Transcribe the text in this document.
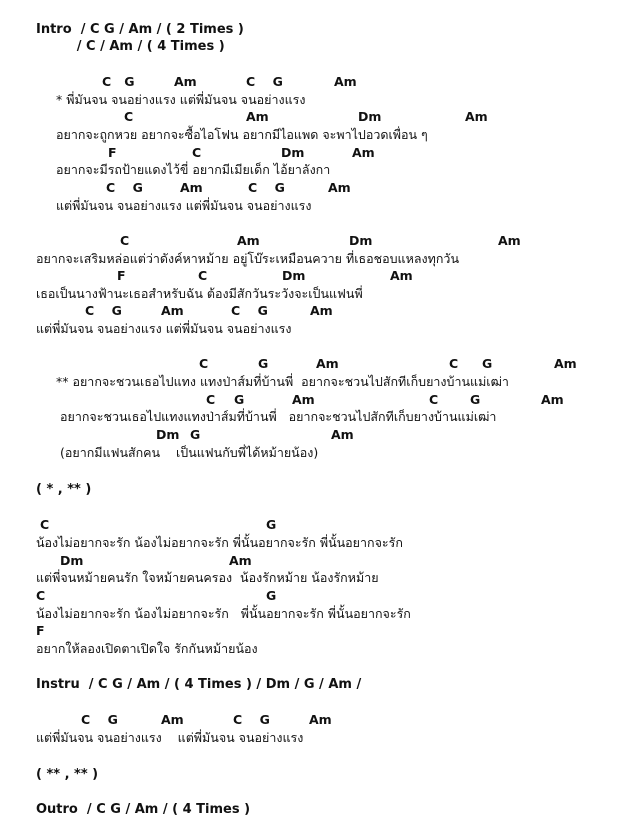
Intro  / C G / Am / ( 2 Times )
/ C / Am / ( 4 Times )
C   G	Am	C    G	Am
* พี่มันจน จนอย่างแรง แต่พี่มันจน จนอย่างแรง
C	Am	Dm	Am
อยากจะถูกหวย อยากจะซื้อไอโฟน อยากมีไอแพด จะพาไปอวดเพื่อน ๆ
F	C	Dm	Am
อยากจะมีรถป้ายแดงไว้ขี่ อยากมีเมียเด็ก ไอ้ยาลังกา
C    G	Am	C    G	Am
แต่พี่มันจน จนอย่างแรง แต่พี่มันจน จนอย่างแรง
C	Am	Dm	Am
อยากจะเสริมหล่อแต่ว่าดังค์หาหม้าย อยู่โบ๊ระเหมือนควาย ที่เธอชอบแหลงทุกวัน
F	C	Dm	Am
เธอเป็นนางฟ้านะเธอสำหรับฉัน ต้องมีสักวันระวังจะเป็นแฟนพี่
C    G	Am	C    G	Am
แต่พี่มันจน จนอย่างแรง แต่พี่มันจน จนอย่างแรง
C	G	Am	C G	Am
** อยากจะชวนเธอไปแทง แทงป่าส์มที่บ้านพี่  อยากจะชวนไปสักทีเก็บยางบ้านแม่เฒ่า
C G	Am	C	G	Am
อยากจะชวนเธอไปแทงแทงป่าส์มที่บ้านพี่   อยากจะชวนไปสักทีเก็บยางบ้านแม่เฒ่า
Dm G	Am
(อยากมีแฟนสักคน    เป็นแฟนกับพี่ได้หม้ายน้อง)
( * , ** )
C	G
น้องไม่อยากจะรัก น้องไม่อยากจะรัก พี่นั้นอยากจะรัก พี่นั้นอยากจะรัก
Dm	Am
แต่พี่จนหม้ายคนรัก ใจหม้ายคนครอง  น้องรักหม้าย น้องรักหม้าย
C	G
น้องไม่อยากจะรัก น้องไม่อยากจะรัก   พี่นั้นอยากจะรัก พี่นั้นอยากจะรัก
F
อยากให้ลองเปิดตาเปิดใจ รักกันหม้ายน้อง
Instru  / C G / Am / ( 4 Times ) / Dm / G / Am /
C    G	Am	C    G	Am
แต่พี่มันจน จนอย่างแรง    แต่พี่มันจน จนอย่างแรง
( ** , ** )
Outro  / C G / Am / ( 4 Times )
